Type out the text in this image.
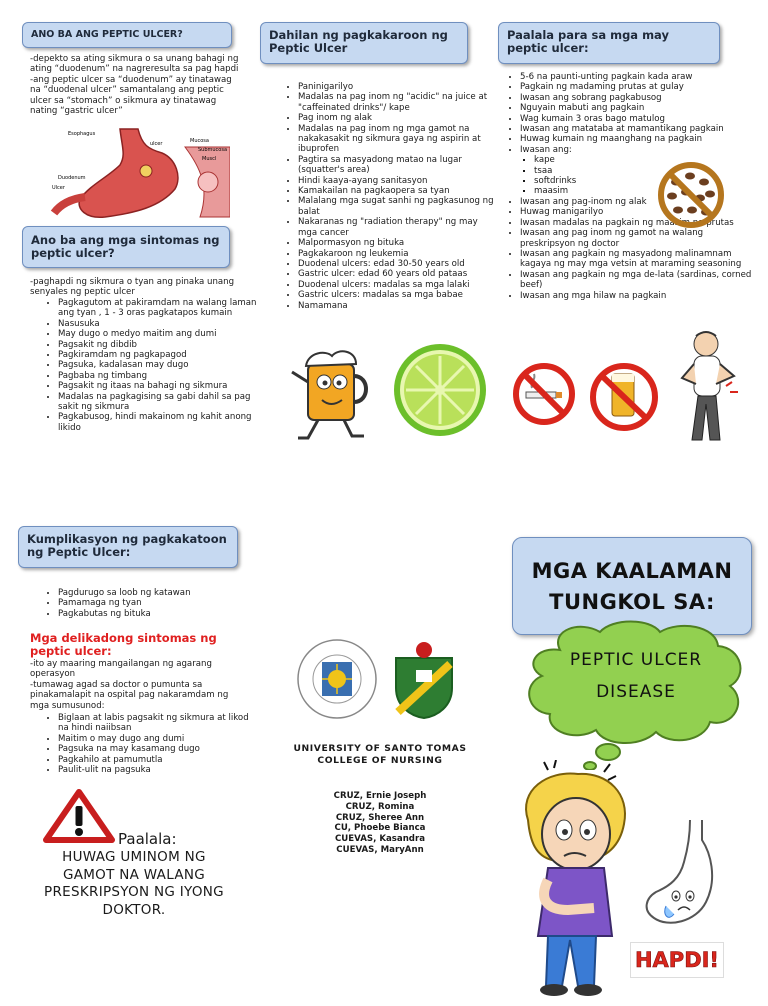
ANO BA ANG PEPTIC ULCER?
-depekto sa ating sikmura o sa unang bahagi ng ating “duodenum” na nagreresulta sa pag hapdi
-ang peptic ulcer sa “duodenum” ay tinatawag na “duodenal ulcer” samantalang ang peptic ulcer sa “stomach” o sikmura ay tinatawag nating “gastric ulcer”
Esophagus
ulcer	Mucosa
Submucosa
Muscl
Duodenum
Ulcer
Ano ba ang mga sintomas ng peptic ulcer?
-paghapdi ng sikmura o tyan ang pinaka unang senyales ng peptic ulcer
• Pagkagutom at pakiramdam na walang laman ang tyan , 1 - 3 oras pagkatapos kumain
• Nasusuka
• May dugo o medyo maitim ang dumi
• Pagsakit ng dibdib
• Pagkiramdam ng pagkapagod
• Pagsuka, kadalasan may dugo
• Pagbaba ng timbang
• Pagsakit ng itaas na bahagi ng sikmura
• Madalas na pagkagising sa gabi dahil sa pag sakit ng sikmura
• Pagkabusog, hindi makainom ng kahit anong likido
Dahilan ng pagkakaroon ng Peptic Ulcer
• Paninigarilyo
• Madalas na pag inom ng "acidic" na juice at "caffeinated drinks"/ kape
• Pag inom ng alak
• Madalas na pag inom ng mga gamot na nakakasakit ng sikmura gaya ng aspirin at ibuprofen
• Pagtira sa masyadong matao na lugar (squatter's area)
• Hindi kaaya-ayang sanitasyon
• Kamakailan na pagkaopera sa tyan
• Malalang mga sugat sanhi ng pagkasunog ng balat
• Nakaranas ng "radiation therapy" ng may mga cancer
• Malpormasyon ng bituka
• Pagkakaroon ng leukemia
• Duodenal ulcers: edad 30-50 years old
• Gastric ulcer: edad 60 years old pataas
• Duodenal ulcers: madalas sa mga lalaki
• Gastric ulcers: madalas sa mga babae
• Namamana
Paalala para sa mga may peptic ulcer:
• 5-6 na paunti-unting pagkain kada araw
• Pagkain ng madaming prutas at gulay
• Iwasan ang sobrang pagkabusog
• Nguyain mabuti ang pagkain
• Wag kumain 3 oras bago matulog
• Iwasan ang matataba at mamantikang pagkain
• Huwag kumain ng maanghang na pagkain
• Iwasan ang:
▪ kape
▪ tsaa
▪ softdrinks
▪ maasim
• Iwasan ang pag-inom ng alak
• Huwag manigarilyo
• Iwasan madalas na pagkain ng maasim na prutas
• Iwasan ang pag inom ng gamot na walang preskripsyon ng doctor
• Iwasan ang pagkain ng masyadong malinamnam kagaya ng may mga vetsin at maraming seasoning
• Iwasan ang pagkain ng mga de-lata (sardinas, corned beef)
• Iwasan ang mga hilaw na pagkain
Kumplikasyon ng pagkakatoon ng Peptic Ulcer:
• Pagdurugo sa loob ng katawan
• Pamamaga ng tyan
• Pagkabutas ng bituka
Mga delikadong sintomas ng peptic ulcer:
-ito ay maaring mangailangan ng agarang operasyon
-tumawag agad sa doctor o pumunta sa pinakamalapit na ospital pag nakaramdam ng mga sumusunod:
• Biglaan at labis pagsakit ng sikmura at likod na hindi naiibsan
• Maitim o may dugo ang dumi
• Pagsuka na may kasamang dugo
• Pagkahilo at pamumutla
• Paulit-ulit na pagsuka
Paalala:
HUWAG UMINOM NG GAMOT NA WALANG PRESKRIPSYON NG IYONG DOKTOR.
UNIVERSITY OF SANTO TOMAS
COLLEGE OF NURSING
CRUZ, Ernie Joseph
CRUZ, Romina
CRUZ, Sheree Ann
CU, Phoebe Bianca
CUEVAS, Kasandra
CUEVAS, MaryAnn
MGA KAALAMAN TUNGKOL SA:
PEPTIC ULCER
DISEASE
HAPDI!
